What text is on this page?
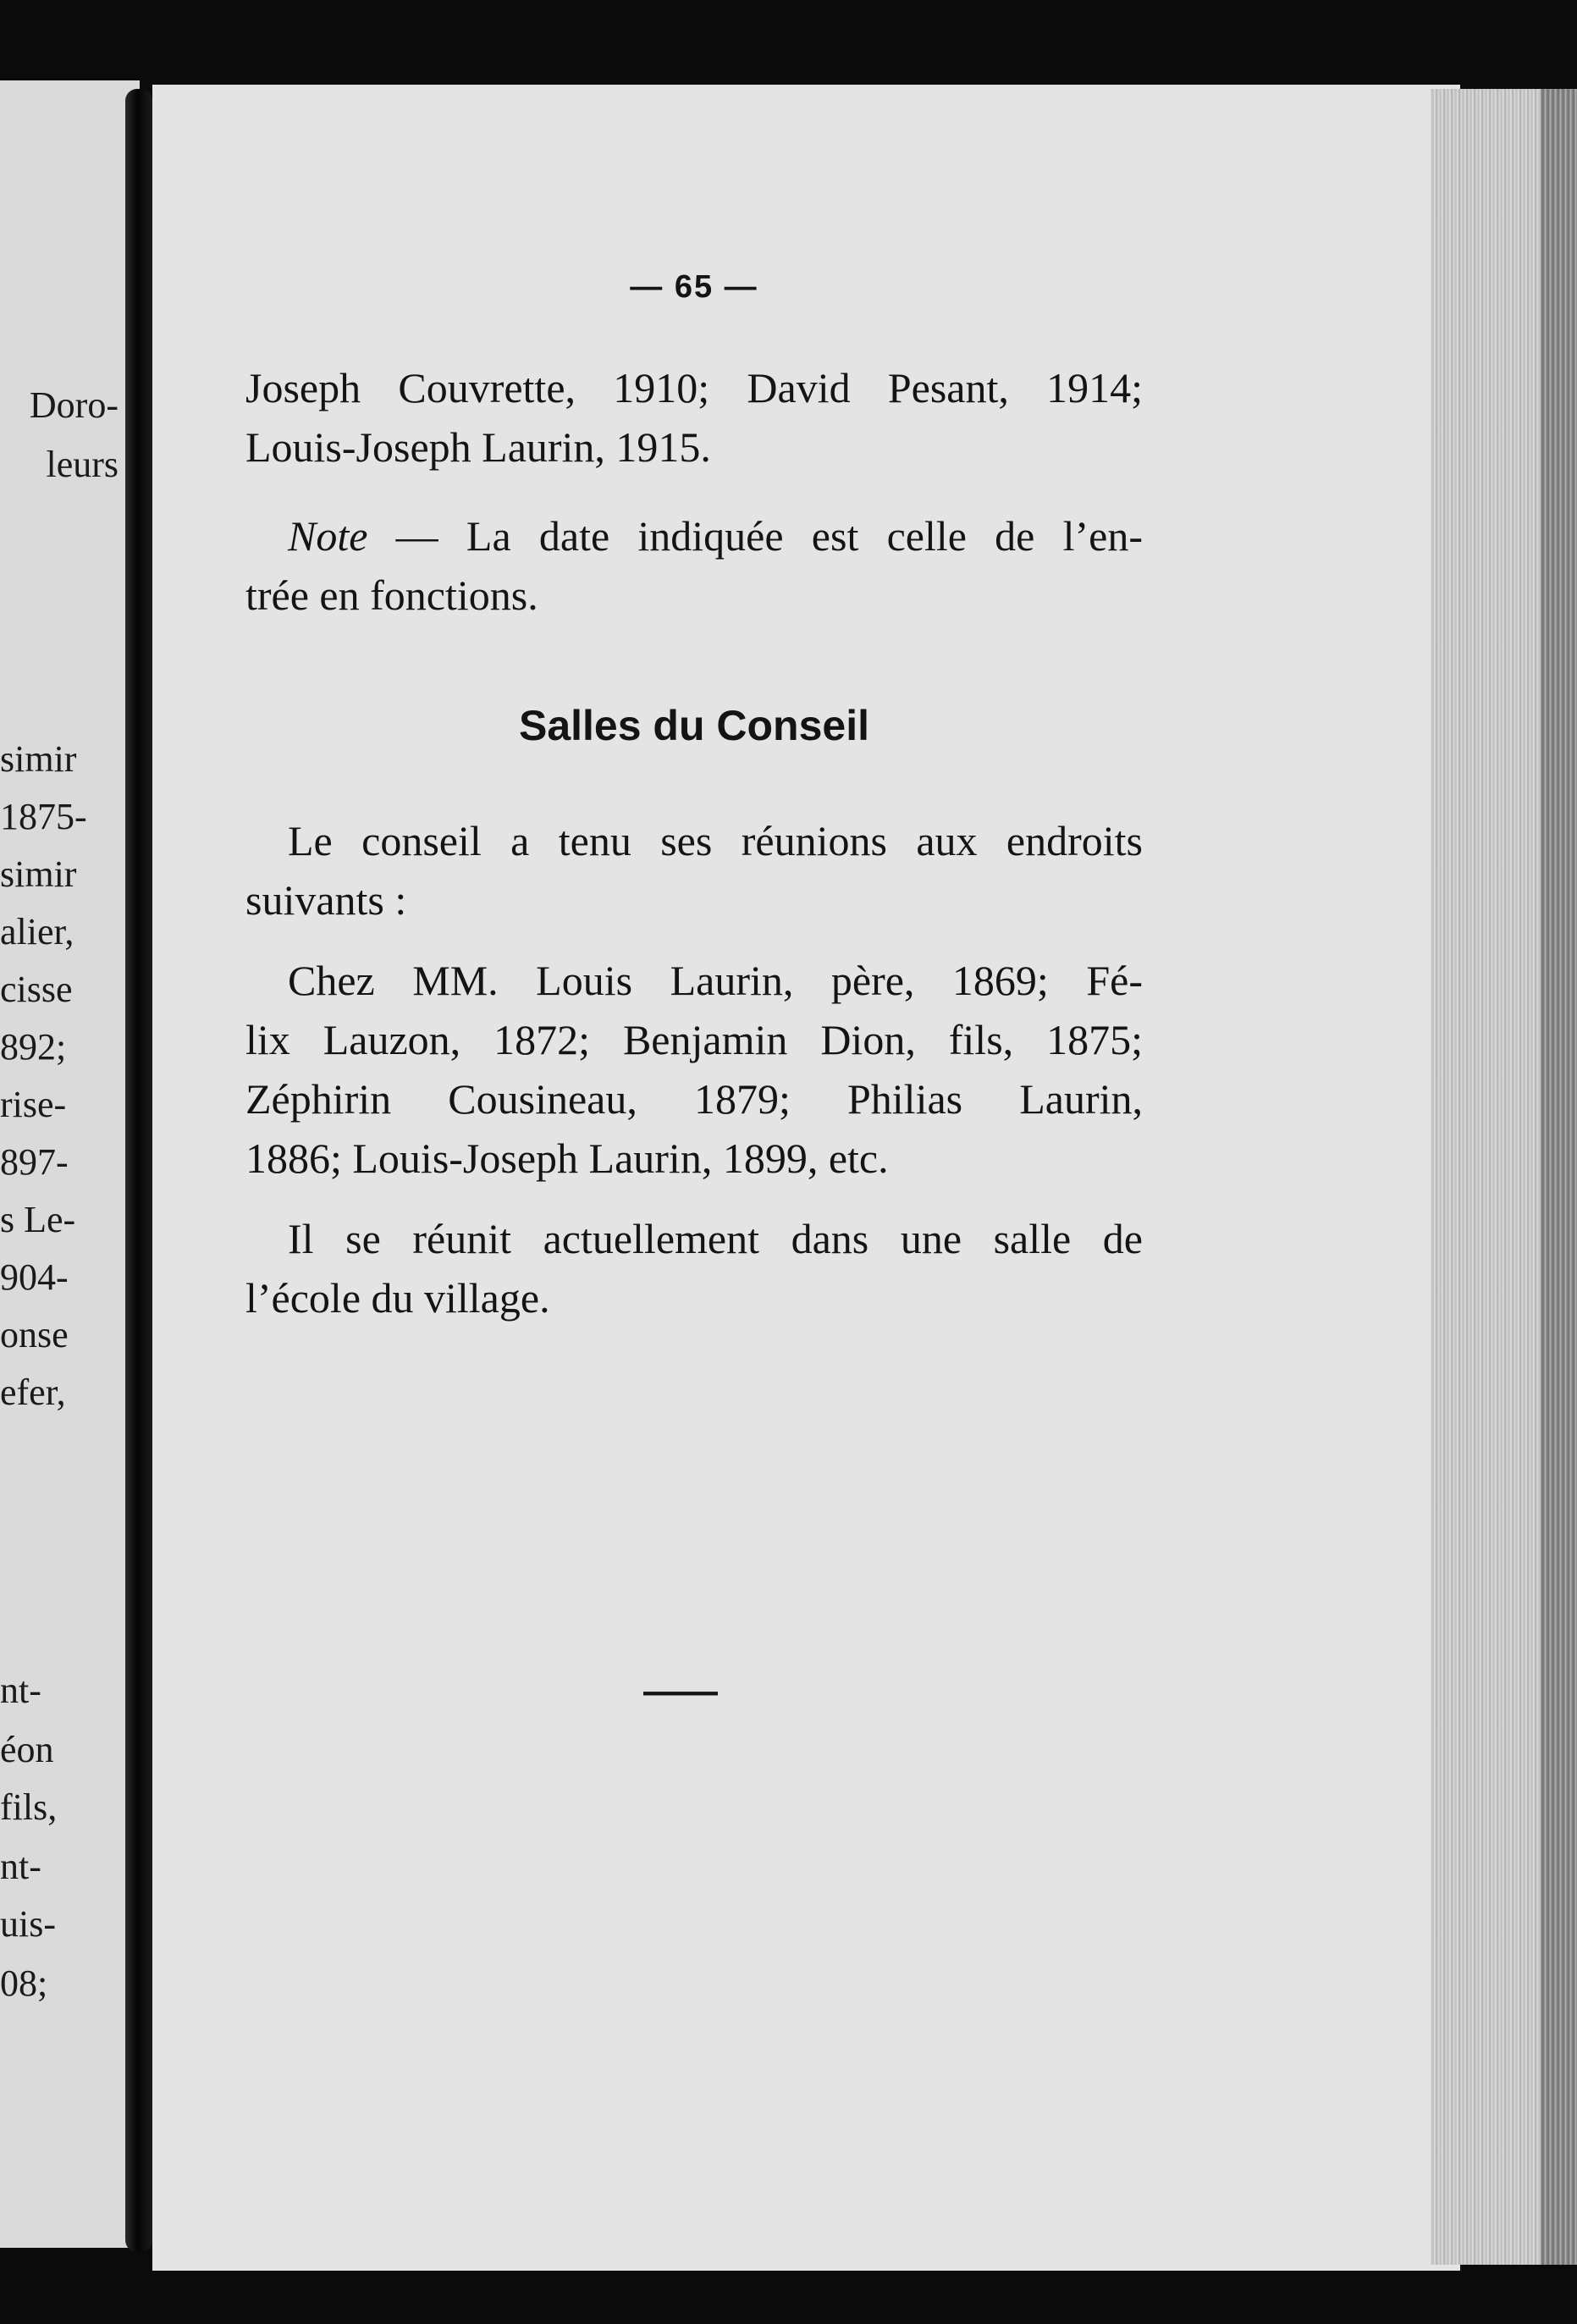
Doro-
leurs
simir
1875-
simir
alier,
cisse
892;
rise-
897-
s Le-
904-
onse
efer,
nt-
éon
fils,
nt-
uis-
08;
— 65 —
Joseph Couvrette, 1910; David Pesant, 1914;
Louis-Joseph Laurin, 1915.
Note — La date indiquée est celle de l’en-
trée en fonctions.
Salles du Conseil
Le conseil a tenu ses réunions aux endroits
suivants :
Chez MM. Louis Laurin, père, 1869; Fé-
lix Lauzon, 1872; Benjamin Dion, fils, 1875;
Zéphirin Cousineau, 1879; Philias Laurin,
1886; Louis-Joseph Laurin, 1899, etc.
Il se réunit actuellement dans une salle de
l’école du village.
——
